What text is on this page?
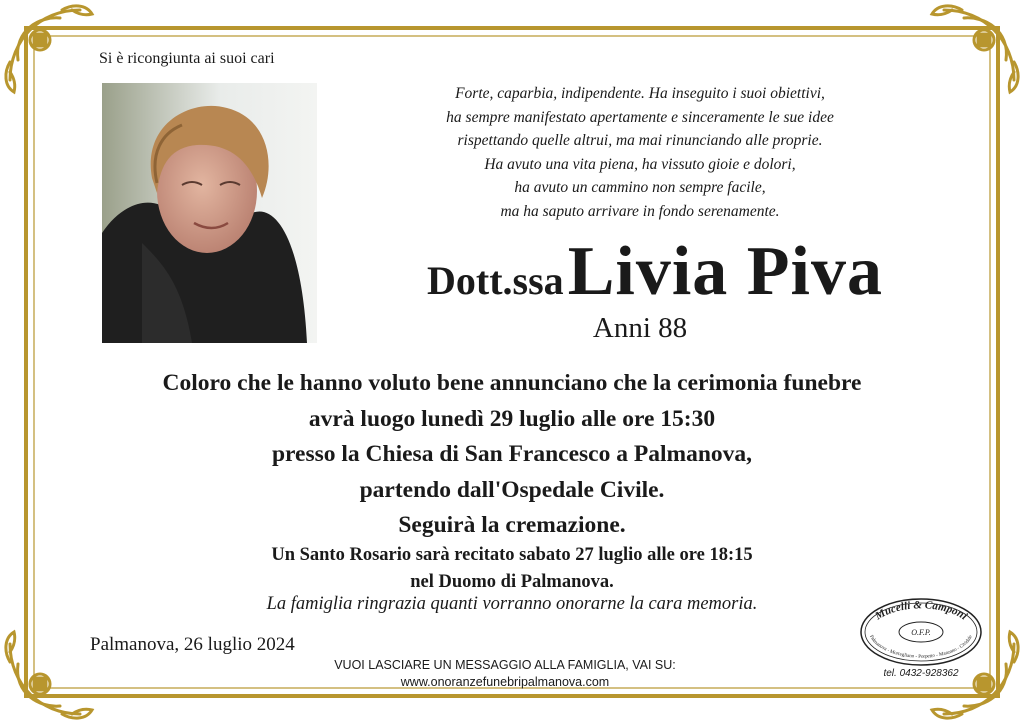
Si è ricongiunta ai suoi cari
Forte, caparbia, indipendente. Ha inseguito i suoi obiettivi,
ha sempre manifestato apertamente e sinceramente le sue idee
rispettando quelle altrui, ma mai rinunciando alle proprie.
Ha avuto una vita piena, ha vissuto gioie e dolori,
ha avuto un cammino non sempre facile,
ma ha saputo arrivare in fondo serenamente.
Dott.ssa Livia Piva
Anni 88
Coloro che le hanno voluto bene annunciano che la cerimonia funebre
avrà luogo lunedì 29 luglio alle ore 15:30
presso la Chiesa di San Francesco a Palmanova,
partendo dall'Ospedale Civile.
Seguirà la cremazione.
Un Santo Rosario sarà recitato sabato 27 luglio alle ore 18:15
nel Duomo di Palmanova.
La famiglia ringrazia quanti vorranno onorarne la cara memoria.
Palmanova, 26 luglio 2024
VUOI LASCIARE UN MESSAGGIO ALLA FAMIGLIA, VAI SU:
www.onoranzefunebripalmanova.com
Mucelli & Camponi
Palmanova - Mortegliano - Porpetto - Manzano - Cividale
O.F.P.
tel. 0432-928362
